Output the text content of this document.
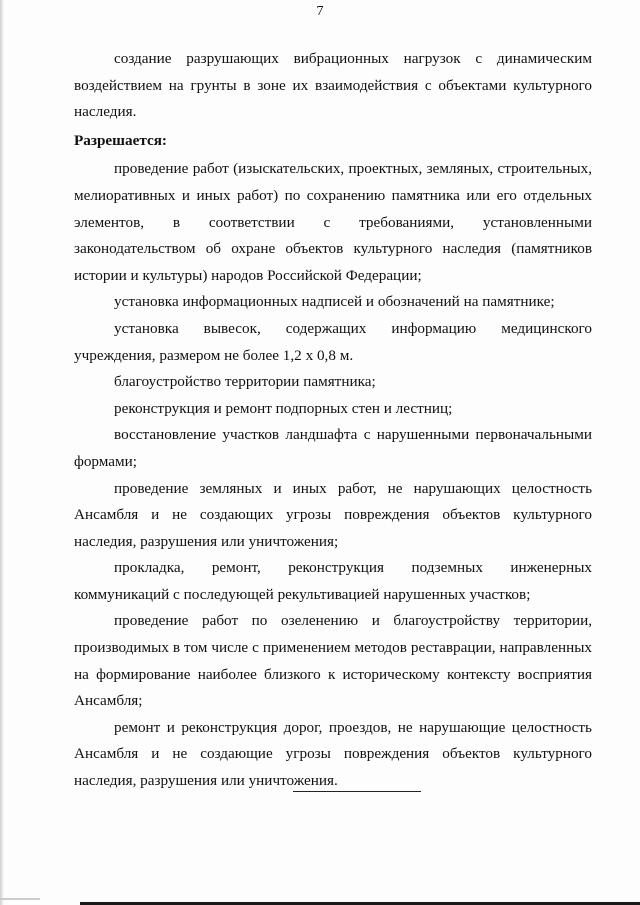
7

создание разрушающих вибрационных нагрузок с динамическим воздействием на грунты в зоне их взаимодействия с объектами культурного наследия.

Разрешается:

проведение работ (изыскательских, проектных, земляных, строительных, мелиоративных и иных работ) по сохранению памятника или его отдельных элементов, в соответствии с требованиями, установленными законодательством об охране объектов культурного наследия (памятников истории и культуры) народов Российской Федерации;

установка информационных надписей и обозначений на памятнике;

установка вывесок, содержащих информацию медицинского учреждения, размером не более 1,2 х 0,8 м.

благоустройство территории памятника;

реконструкция и ремонт подпорных стен и лестниц;

восстановление участков ландшафта с нарушенными первоначальными формами;

проведение земляных и иных работ, не нарушающих целостность Ансамбля и не создающих угрозы повреждения объектов культурного наследия, разрушения или уничтожения;

прокладка, ремонт, реконструкция подземных инженерных коммуникаций с последующей рекультивацией нарушенных участков;

проведение работ по озеленению и благоустройству территории, производимых в том числе с применением методов реставрации, направленных на формирование наиболее близкого к историческому контексту восприятия Ансамбля;

ремонт и реконструкция дорог, проездов, не нарушающие целостность Ансамбля и не создающие угрозы повреждения объектов культурного наследия, разрушения или уничтожения.
